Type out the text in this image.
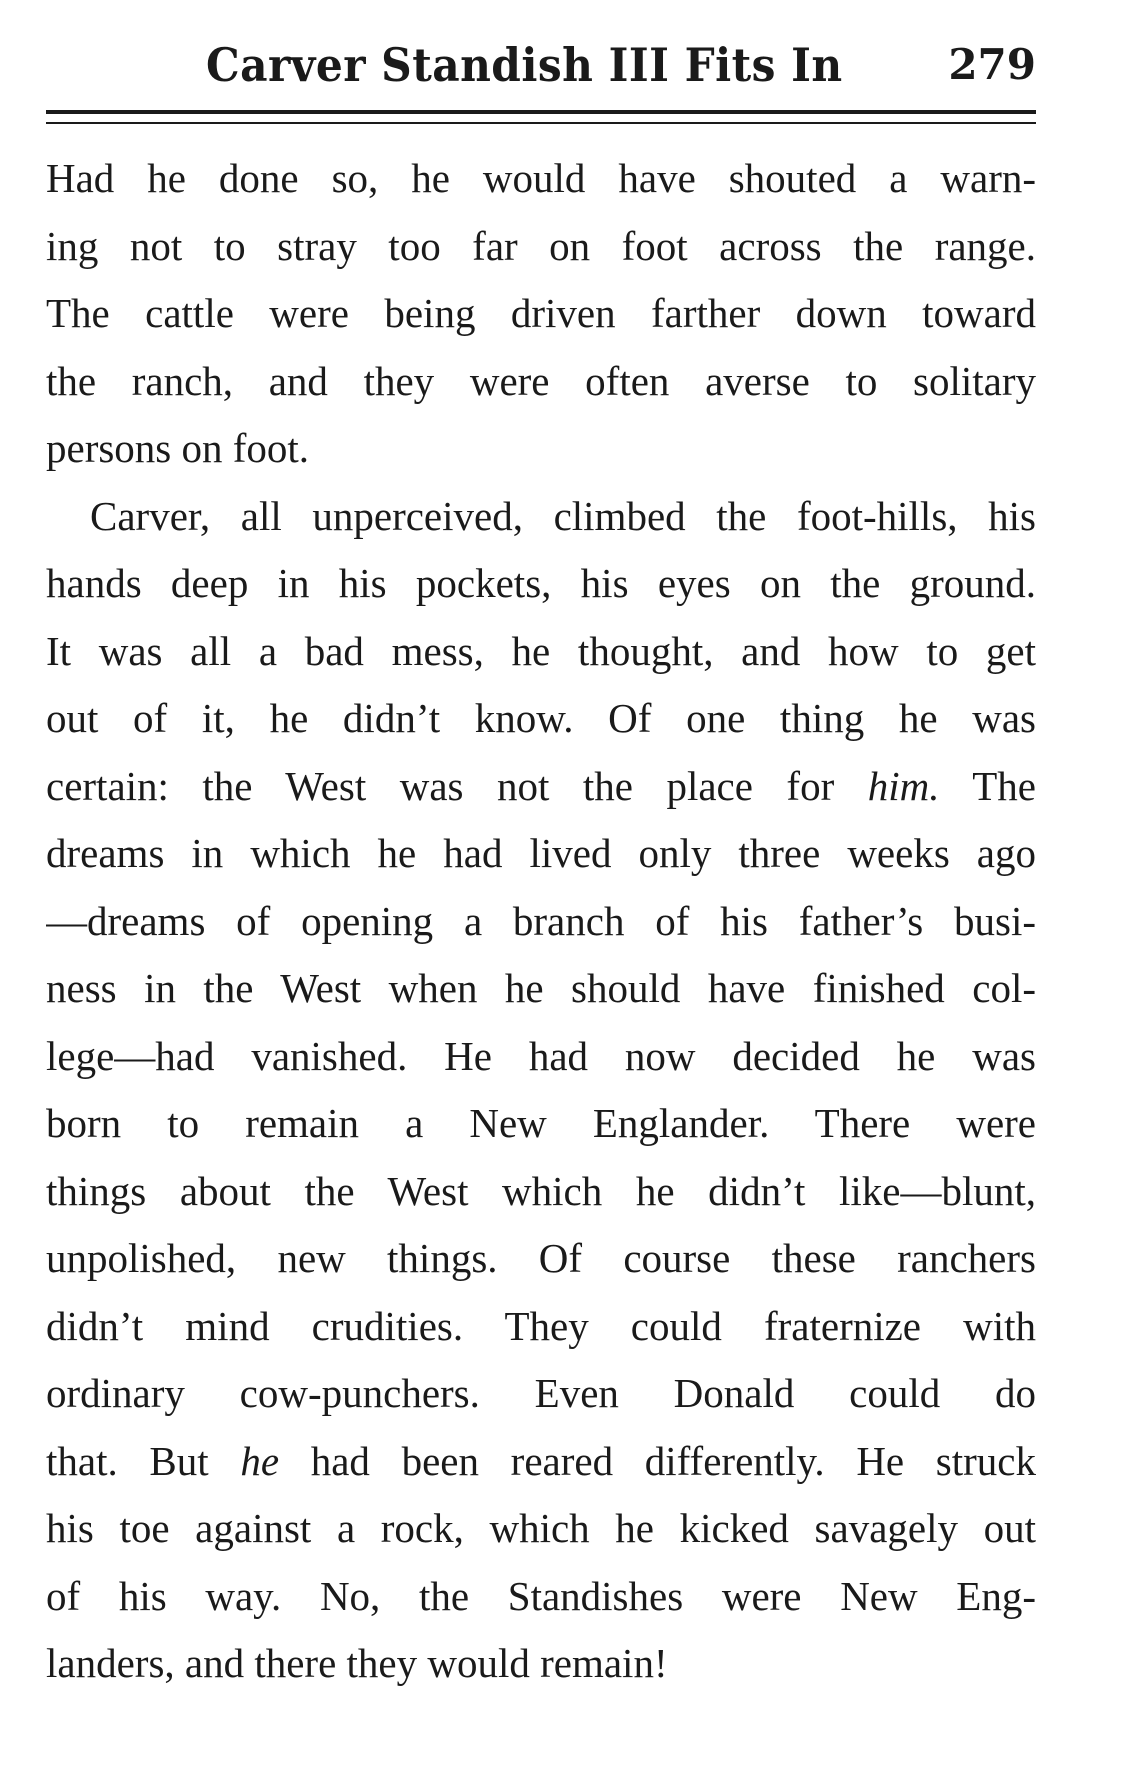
Carver Standish III Fits In	279
Had he done so, he would have shouted a warn-
ing not to stray too far on foot across the range.
The cattle were being driven farther down toward
the ranch, and they were often averse to solitary
persons on foot.
Carver, all unperceived, climbed the foot-hills, his
hands deep in his pockets, his eyes on the ground.
It was all a bad mess, he thought, and how to get
out of it, he didn’t know. Of one thing he was
certain: the West was not the place for him. The
dreams in which he had lived only three weeks ago
—dreams of opening a branch of his father’s busi-
ness in the West when he should have finished col-
lege—had vanished. He had now decided he was
born to remain a New Englander. There were
things about the West which he didn’t like—blunt,
unpolished, new things. Of course these ranchers
didn’t mind crudities. They could fraternize with
ordinary cow-punchers. Even Donald could do
that. But he had been reared differently. He struck
his toe against a rock, which he kicked savagely out
of his way. No, the Standishes were New Eng-
landers, and there they would remain!
